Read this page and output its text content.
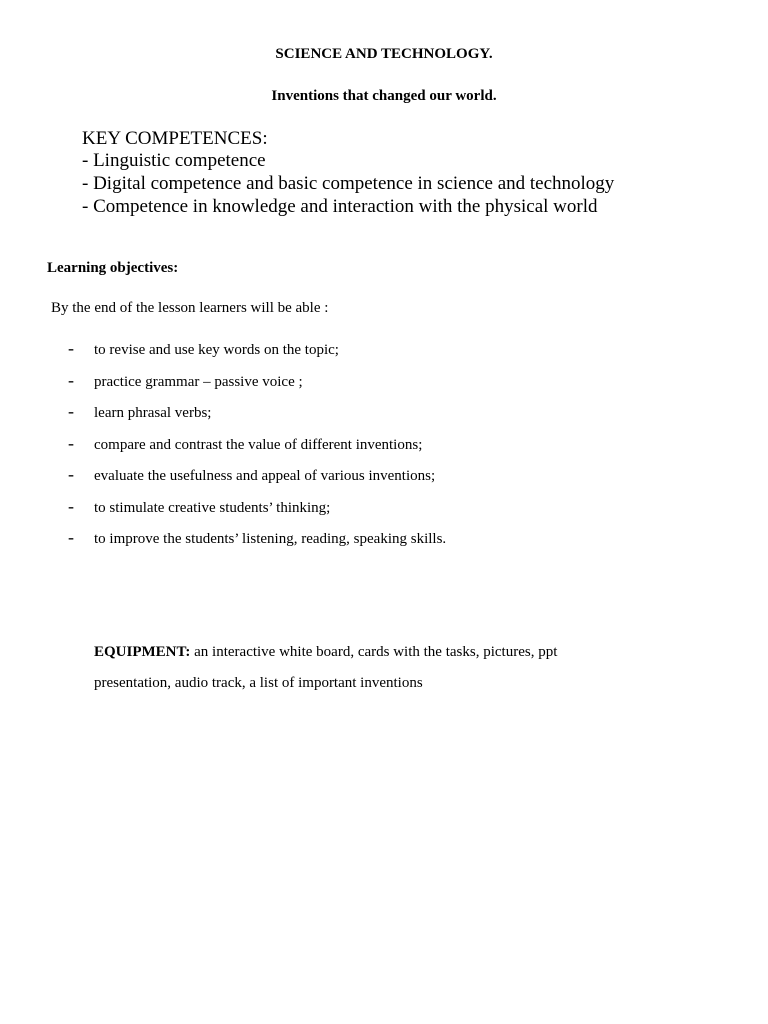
SCIENCE AND TECHNOLOGY.
Inventions that changed our world.
KEY COMPETENCES:
- Linguistic competence
- Digital competence and basic competence in science and technology
- Competence in knowledge and interaction with the physical world
Learning objectives:
By the end of the lesson learners will be able :
- to revise and use key words on the topic;
- practice grammar – passive voice ;
- learn phrasal verbs;
- compare and contrast the value of different inventions;
- evaluate the usefulness and appeal of various inventions;
- to stimulate creative students’ thinking;
- to improve the students’ listening, reading, speaking skills.
EQUIPMENT: an interactive white board, cards with the tasks, pictures, ppt
presentation, audio track, a list of important inventions
